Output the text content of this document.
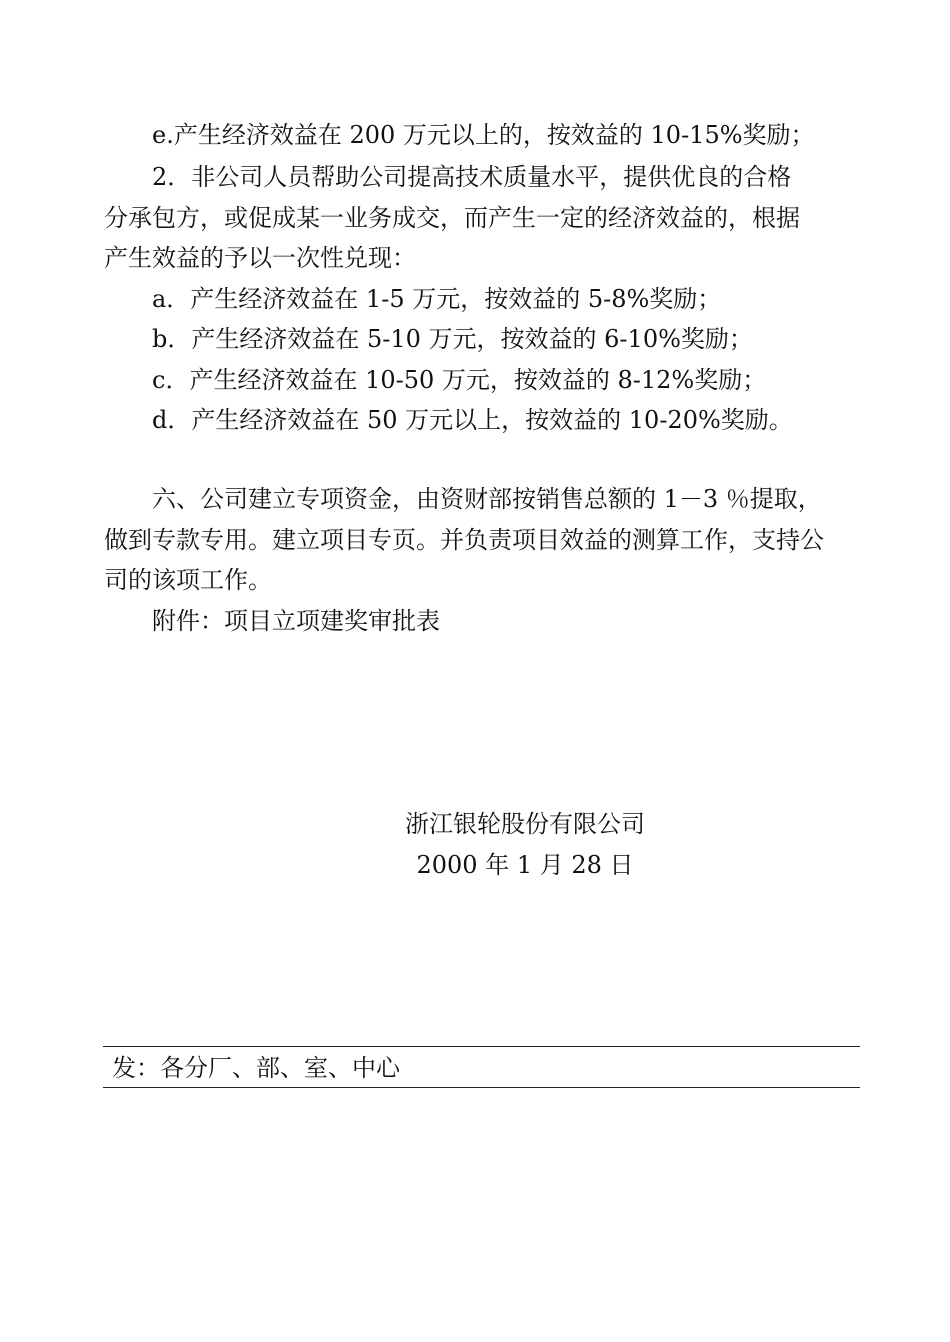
e.产生经济效益在 200 万元以上的，按效益的 10-15%奖励；
2．非公司人员帮助公司提高技术质量水平，提供优良的合格
分承包方，或促成某一业务成交，而产生一定的经济效益的，根据
产生效益的予以一次性兑现：
a．产生经济效益在 1-5 万元，按效益的 5-8%奖励；
b．产生经济效益在 5-10 万元，按效益的 6-10%奖励；
c．产生经济效益在 10-50 万元，按效益的 8-12%奖励；
d．产生经济效益在 50 万元以上，按效益的 10-20%奖励。
六、公司建立专项资金，由资财部按销售总额的 1－3 ％提取，
做到专款专用。建立项目专页。并负责项目效益的测算工作，支持公
司的该项工作。
附件：项目立项建奖审批表
浙江银轮股份有限公司
2000 年 1 月 28 日
发：各分厂、部、室、中心
